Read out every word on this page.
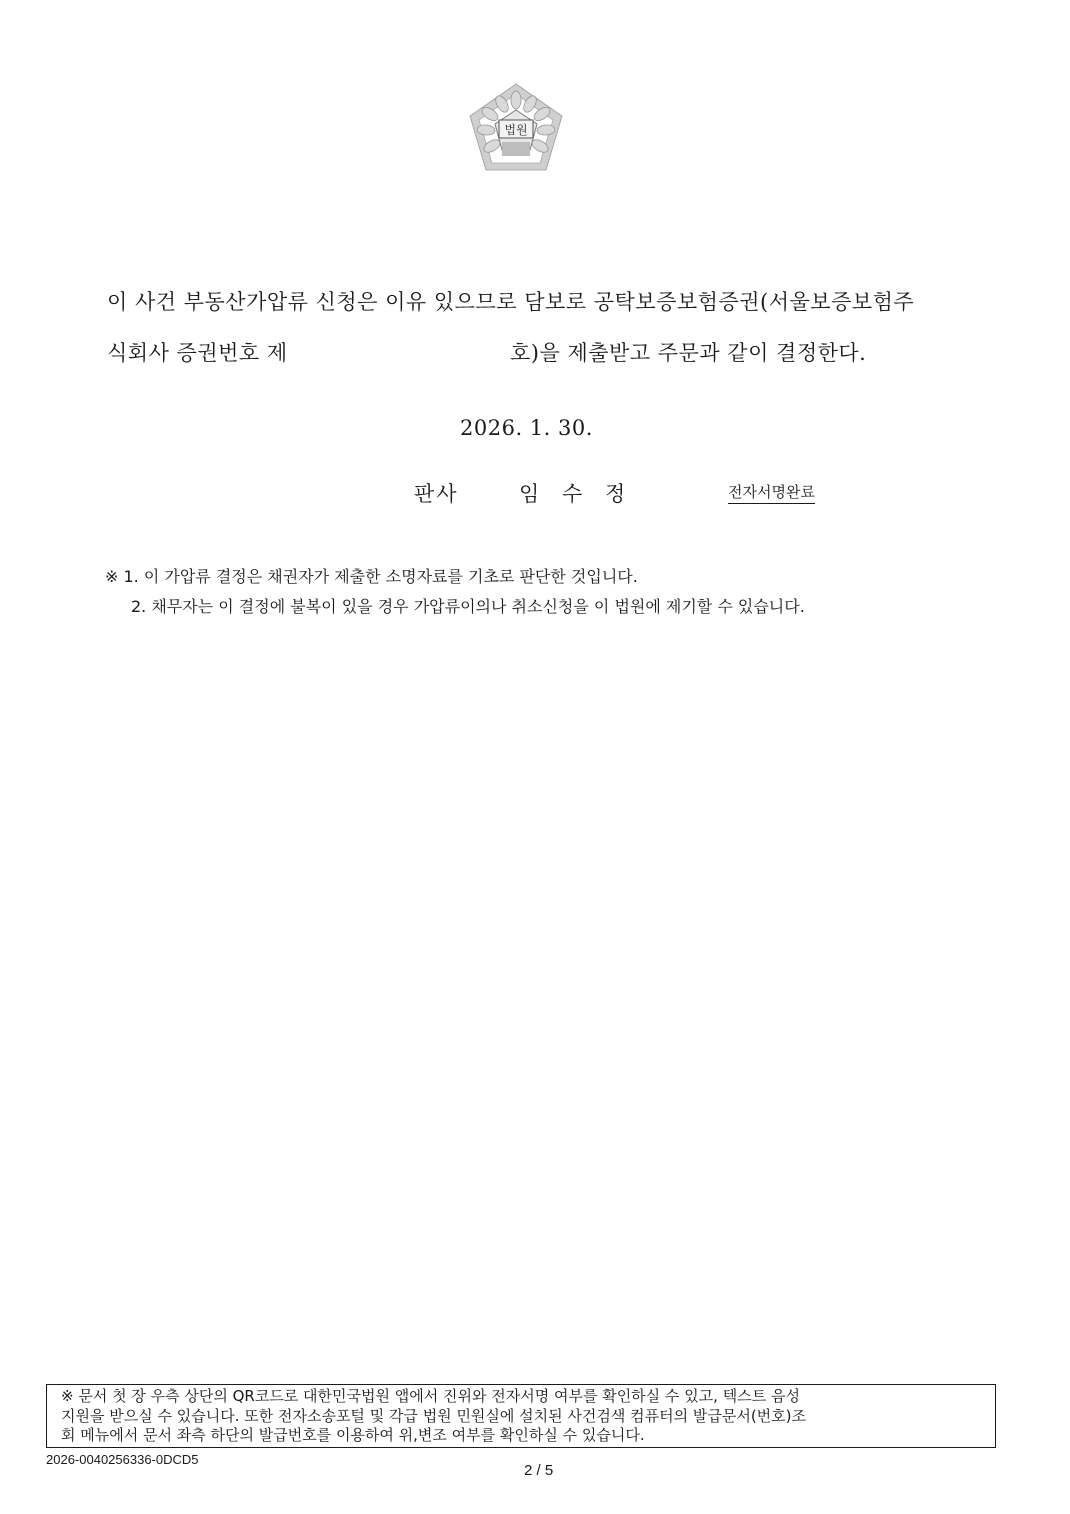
법원
이 사건 부동산가압류 신청은 이유 있으므로 담보로 공탁보증보험증권(서울보증보험주
식회사 증권번호 제	호)을 제출받고 주문과 같이 결정한다.
2026. 1. 30.
판사	임 수 정	전자서명완료
※ 1. 이 가압류 결정은 채권자가 제출한 소명자료를 기초로 판단한 것입니다.
2. 채무자는 이 결정에 불복이 있을 경우 가압류이의나 취소신청을 이 법원에 제기할 수 있습니다.
※ 문서 첫 장 우측 상단의 QR코드로 대한민국법원 앱에서 진위와 전자서명 여부를 확인하실 수 있고, 텍스트 음성
지원을 받으실 수 있습니다. 또한 전자소송포털 및 각급 법원 민원실에 설치된 사건검색 컴퓨터의 발급문서(번호)조
회 메뉴에서 문서 좌측 하단의 발급번호를 이용하여 위,변조 여부를 확인하실 수 있습니다.
2026-0040256336-0DCD5
2 / 5
